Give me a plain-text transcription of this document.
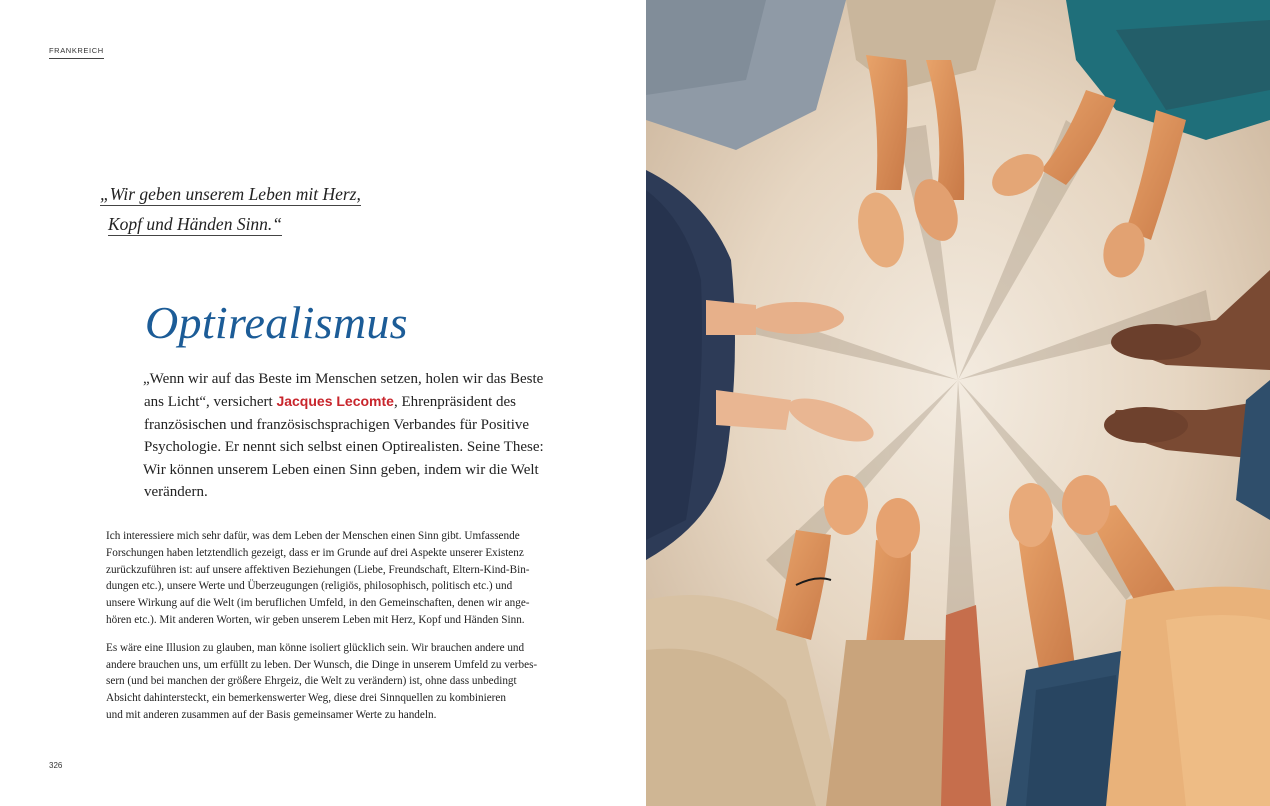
FRANKREICH
„Wir geben unserem Leben mit Herz,
Kopf und Händen Sinn.“
Optirealismus
„Wenn wir auf das Beste im Menschen setzen, holen wir das Beste
ans Licht“, versichert Jacques Lecomte, Ehrenpräsident des
französischen und französischsprachigen Verbandes für Positive
Psychologie. Er nennt sich selbst einen Optirealisten. Seine These:
Wir können unserem Leben einen Sinn geben, indem wir die Welt
verändern.
Ich interessiere mich sehr dafür, was dem Leben der Menschen einen Sinn gibt. Umfassende
Forschungen haben letztendlich gezeigt, dass er im Grunde auf drei Aspekte unserer Existenz
zurückzuführen ist: auf unsere affektiven Beziehungen (Liebe, Freundschaft, Eltern-Kind-Bin-
dungen etc.), unsere Werte und Überzeugungen (religiös, philosophisch, politisch etc.) und
unsere Wirkung auf die Welt (im beruflichen Umfeld, in den Gemeinschaften, denen wir ange-
hören etc.). Mit anderen Worten, wir geben unserem Leben mit Herz, Kopf und Händen Sinn.
Es wäre eine Illusion zu glauben, man könne isoliert glücklich sein. Wir brauchen andere und
andere brauchen uns, um erfüllt zu leben. Der Wunsch, die Dinge in unserem Umfeld zu verbes-
sern (und bei manchen der größere Ehrgeiz, die Welt zu verändern) ist, ohne dass unbedingt
Absicht dahintersteckt, ein bemerkenswerter Weg, diese drei Sinnquellen zu kombinieren
und mit anderen zusammen auf der Basis gemeinsamer Werte zu handeln.
326
